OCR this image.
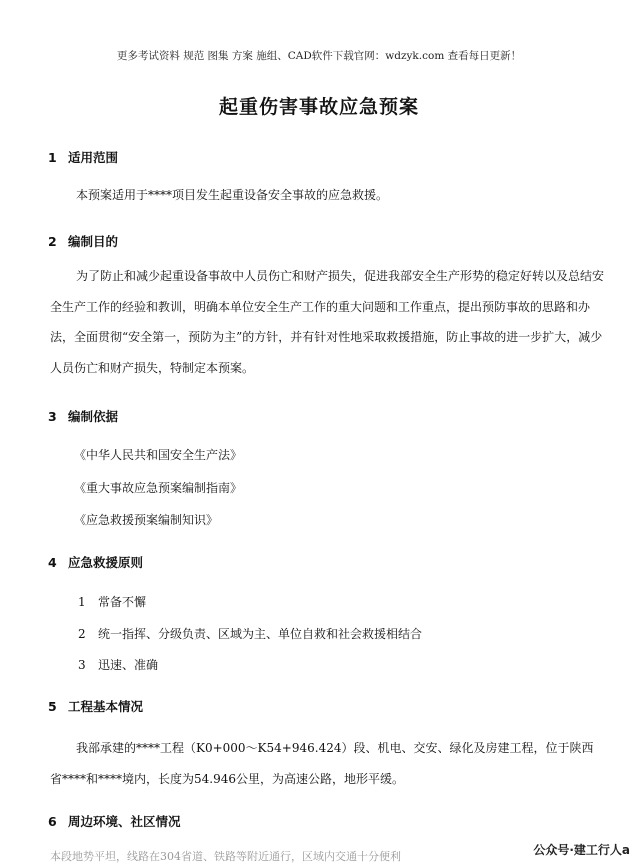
更多考试资料 规范 图集 方案 施组、CAD软件下载官网：wdzyk.com 查看每日更新！
起重伤害事故应急预案
1 适用范围
本预案适用于****项目发生起重设备安全事故的应急救援。
2 编制目的
为了防止和减少起重设备事故中人员伤亡和财产损失，促进我部安全生产形势的稳定好转以及总结安全生产工作的经验和教训，明确本单位安全生产工作的重大问题和工作重点，提出预防事故的思路和办法，全面贯彻“安全第一，预防为主”的方针，并有针对性地采取救援措施，防止事故的进一步扩大，减少人员伤亡和财产损失，特制定本预案。
3 编制依据
《中华人民共和国安全生产法》
《重大事故应急预案编制指南》
《应急救援预案编制知识》
4 应急救援原则
1 常备不懈
2 统一指挥、分级负责、区域为主、单位自救和社会救援相结合
3 迅速、准确
5 工程基本情况
我部承建的****工程（K0+000～K54+946.424）段、机电、交安、绿化及房建工程，位于陕西省****和****境内，长度为54.946公里，为高速公路，地形平缓。
6 周边环境、社区情况
本段地势平坦，线路在304省道、铁路等附近通行，区域内交通十分便利	公众号·建工行人a
